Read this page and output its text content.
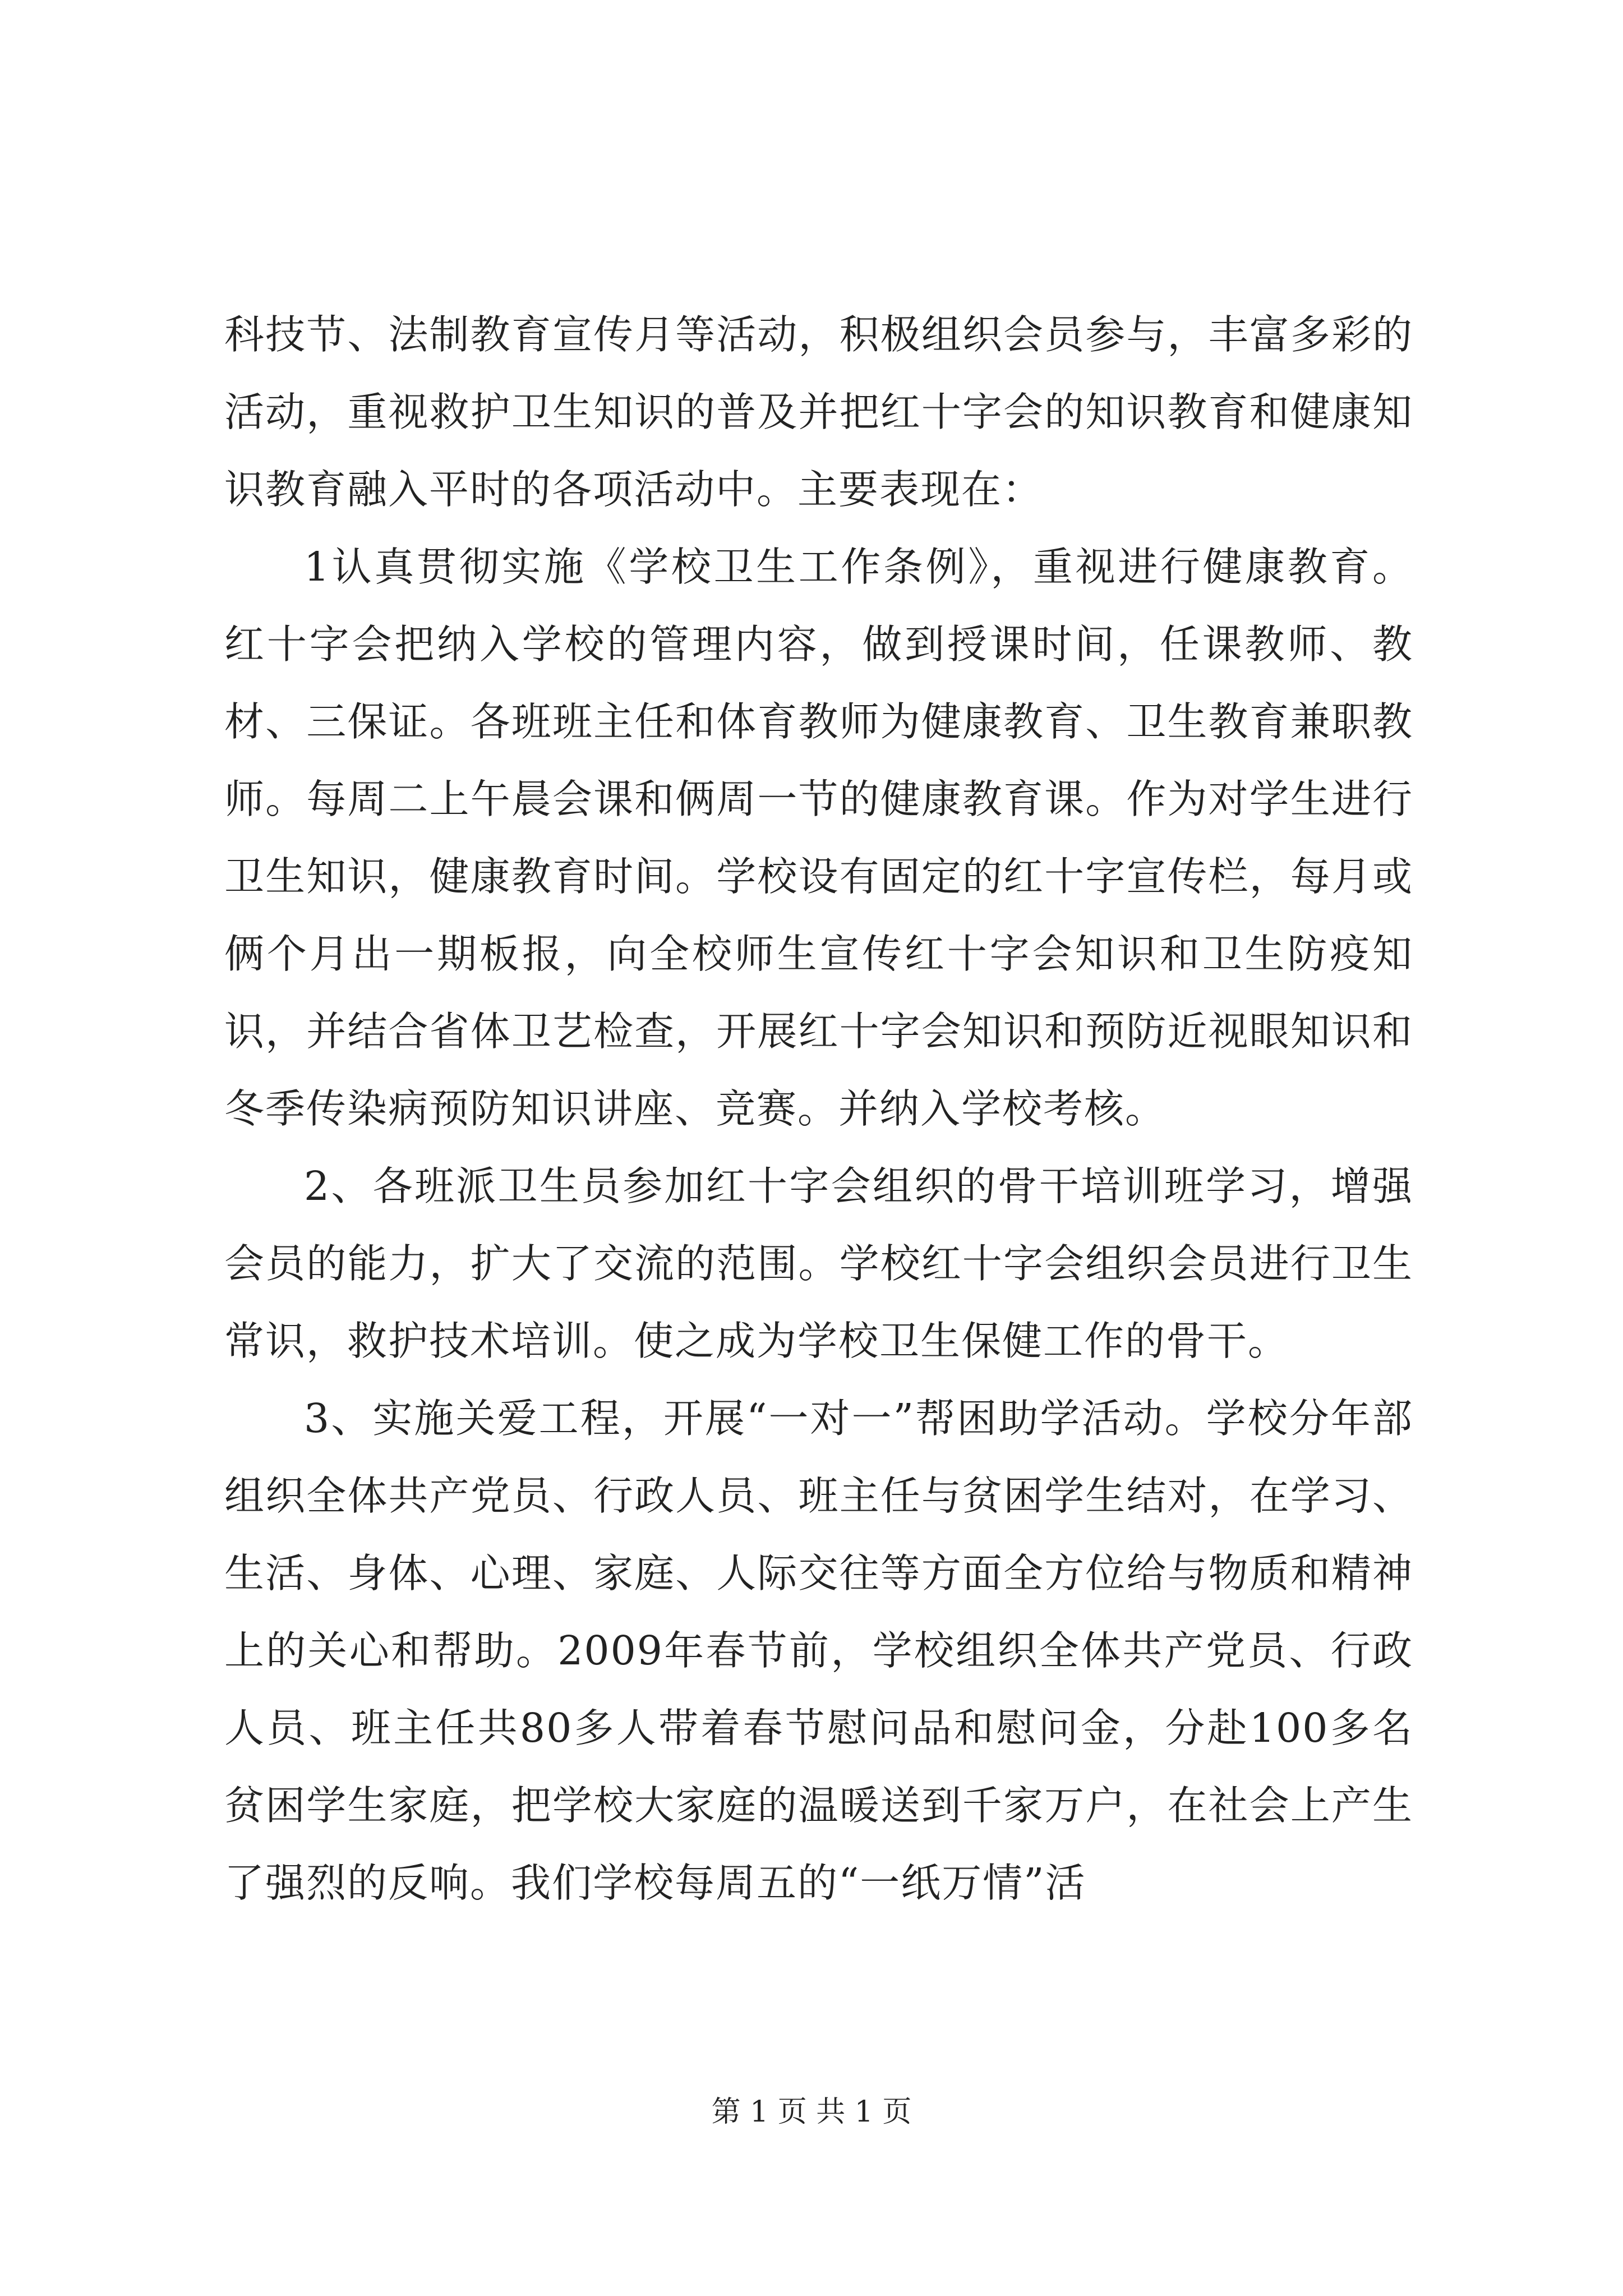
科技节、法制教育宣传月等活动，积极组织会员参与，丰富多彩的活动，重视救护卫生知识的普及并把红十字会的知识教育和健康知识教育融入平时的各项活动中。主要表现在：

1认真贯彻实施《学校卫生工作条例》，重视进行健康教育。红十字会把纳入学校的管理内容，做到授课时间，任课教师、教材、三保证。各班班主任和体育教师为健康教育、卫生教育兼职教师。每周二上午晨会课和俩周一节的健康教育课。作为对学生进行卫生知识，健康教育时间。学校设有固定的红十字宣传栏，每月或俩个月出一期板报，向全校师生宣传红十字会知识和卫生防疫知识，并结合省体卫艺检查，开展红十字会知识和预防近视眼知识和冬季传染病预防知识讲座、竞赛。并纳入学校考核。

2、各班派卫生员参加红十字会组织的骨干培训班学习，增强会员的能力，扩大了交流的范围。学校红十字会组织会员进行卫生常识，救护技术培训。使之成为学校卫生保健工作的骨干。

3、实施关爱工程，开展“一对一”帮困助学活动。学校分年部组织全体共产党员、行政人员、班主任与贫困学生结对，在学习、生活、身体、心理、家庭、人际交往等方面全方位给与物质和精神上的关心和帮助。2009年春节前，学校组织全体共产党员、行政人员、班主任共80多人带着春节慰问品和慰问金，分赴100多名贫困学生家庭，把学校大家庭的温暖送到千家万户，在社会上产生了强烈的反响。我们学校每周五的“一纸万情”活

第 1 页 共 1 页
